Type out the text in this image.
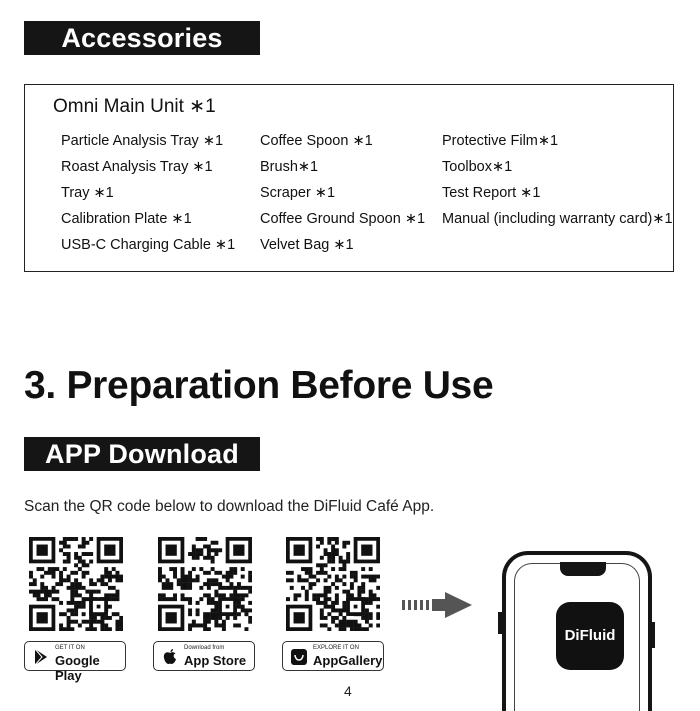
Accessories
Omni Main Unit ∗1
Particle Analysis Tray ∗1
Roast Analysis Tray ∗1
Tray ∗1
Calibration Plate ∗1
USB-C Charging Cable ∗1
Coffee Spoon ∗1
Brush∗1
Scraper ∗1
Coffee Ground Spoon ∗1
Velvet Bag ∗1
Protective Film∗1
Toolbox∗1
Test Report ∗1
Manual (including warranty card)∗1
3. Preparation Before Use
APP Download
Scan the QR code below to download the DiFluid Café App.
GET IT ON
Google Play
Download from
App Store
EXPLORE IT ON
AppGallery
DiFluid
4
